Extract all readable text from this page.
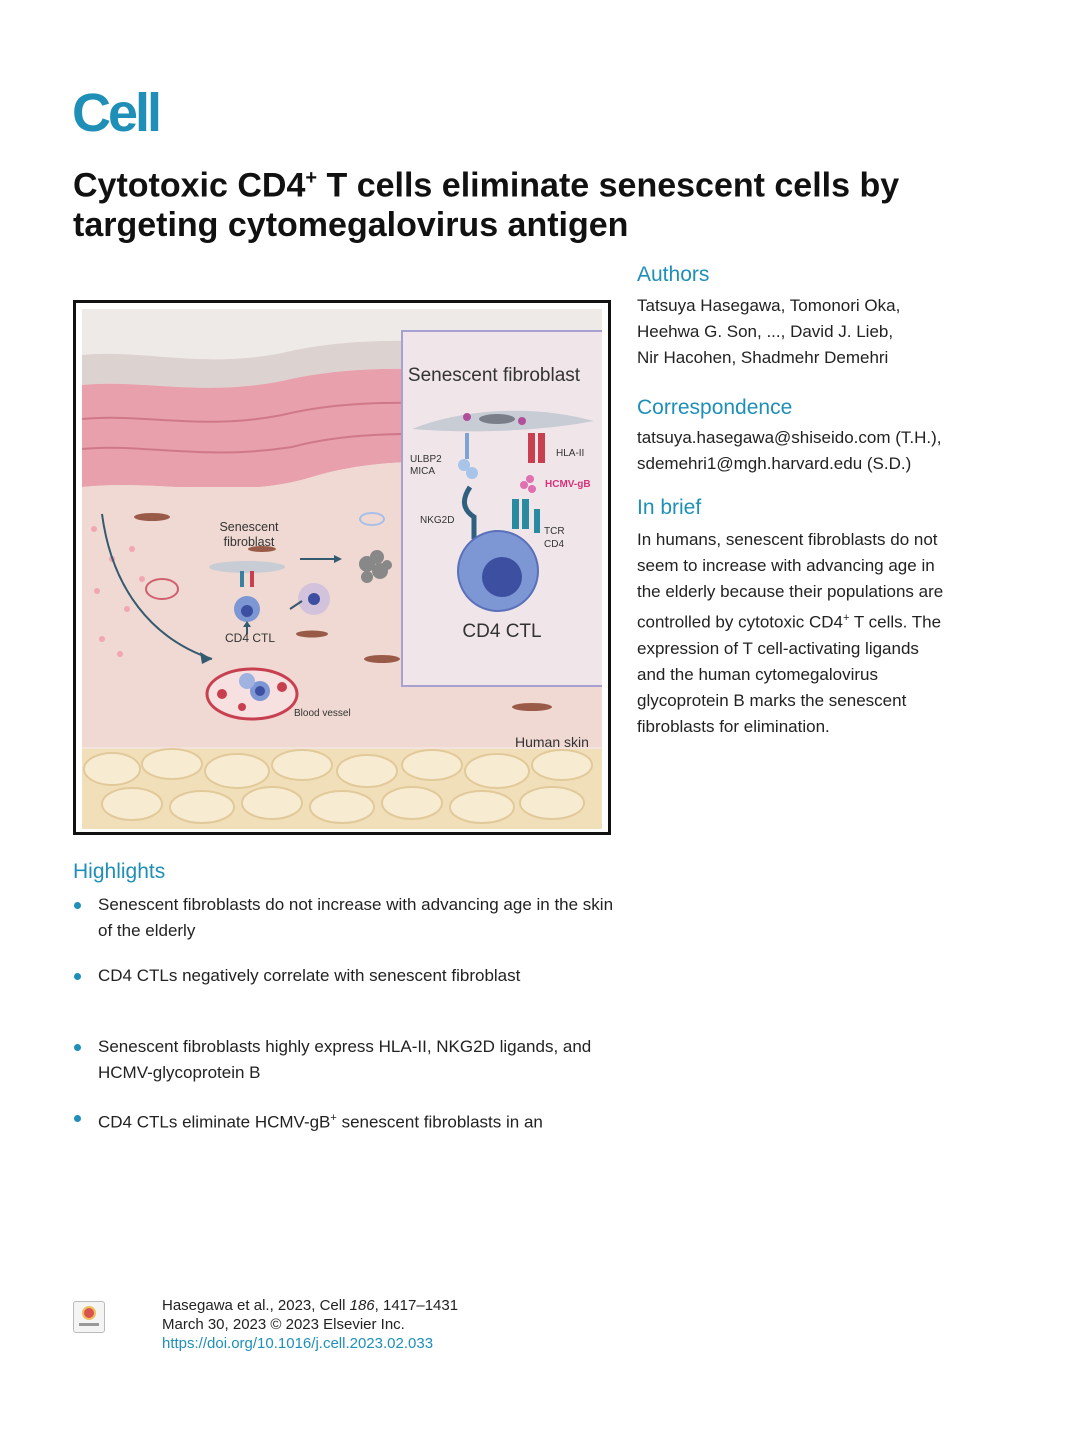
Cell
Cytotoxic CD4+ T cells eliminate senescent cells by targeting cytomegalovirus antigen
Senescent fibroblast
ULBP2
MICA
HLA-II
HCMV-gB
NKG2D
TCR
CD4
CD4 CTL
Senescent
fibroblast
CD4 CTL
Blood vessel
Human skin
Authors
Tatsuya Hasegawa, Tomonori Oka,
Heehwa G. Son, ..., David J. Lieb,
Nir Hacohen, Shadmehr Demehri
Correspondence
tatsuya.hasegawa@shiseido.com (T.H.),
sdemehri1@mgh.harvard.edu (S.D.)
In brief
In humans, senescent fibroblasts do not
seem to increase with advancing age in
the elderly because their populations are
controlled by cytotoxic CD4+ T cells. The
expression of T cell-activating ligands
and the human cytomegalovirus
glycoprotein B marks the senescent
fibroblasts for elimination.
Highlights
Senescent fibroblasts do not increase with advancing age in the skin of the elderly
CD4 CTLs negatively correlate with senescent fibroblast
Senescent fibroblasts highly express HLA-II, NKG2D ligands, and HCMV-glycoprotein B
CD4 CTLs eliminate HCMV-gB+ senescent fibroblasts in an
Hasegawa et al., 2023, Cell 186, 1417–1431
March 30, 2023 © 2023 Elsevier Inc.
https://doi.org/10.1016/j.cell.2023.02.033
